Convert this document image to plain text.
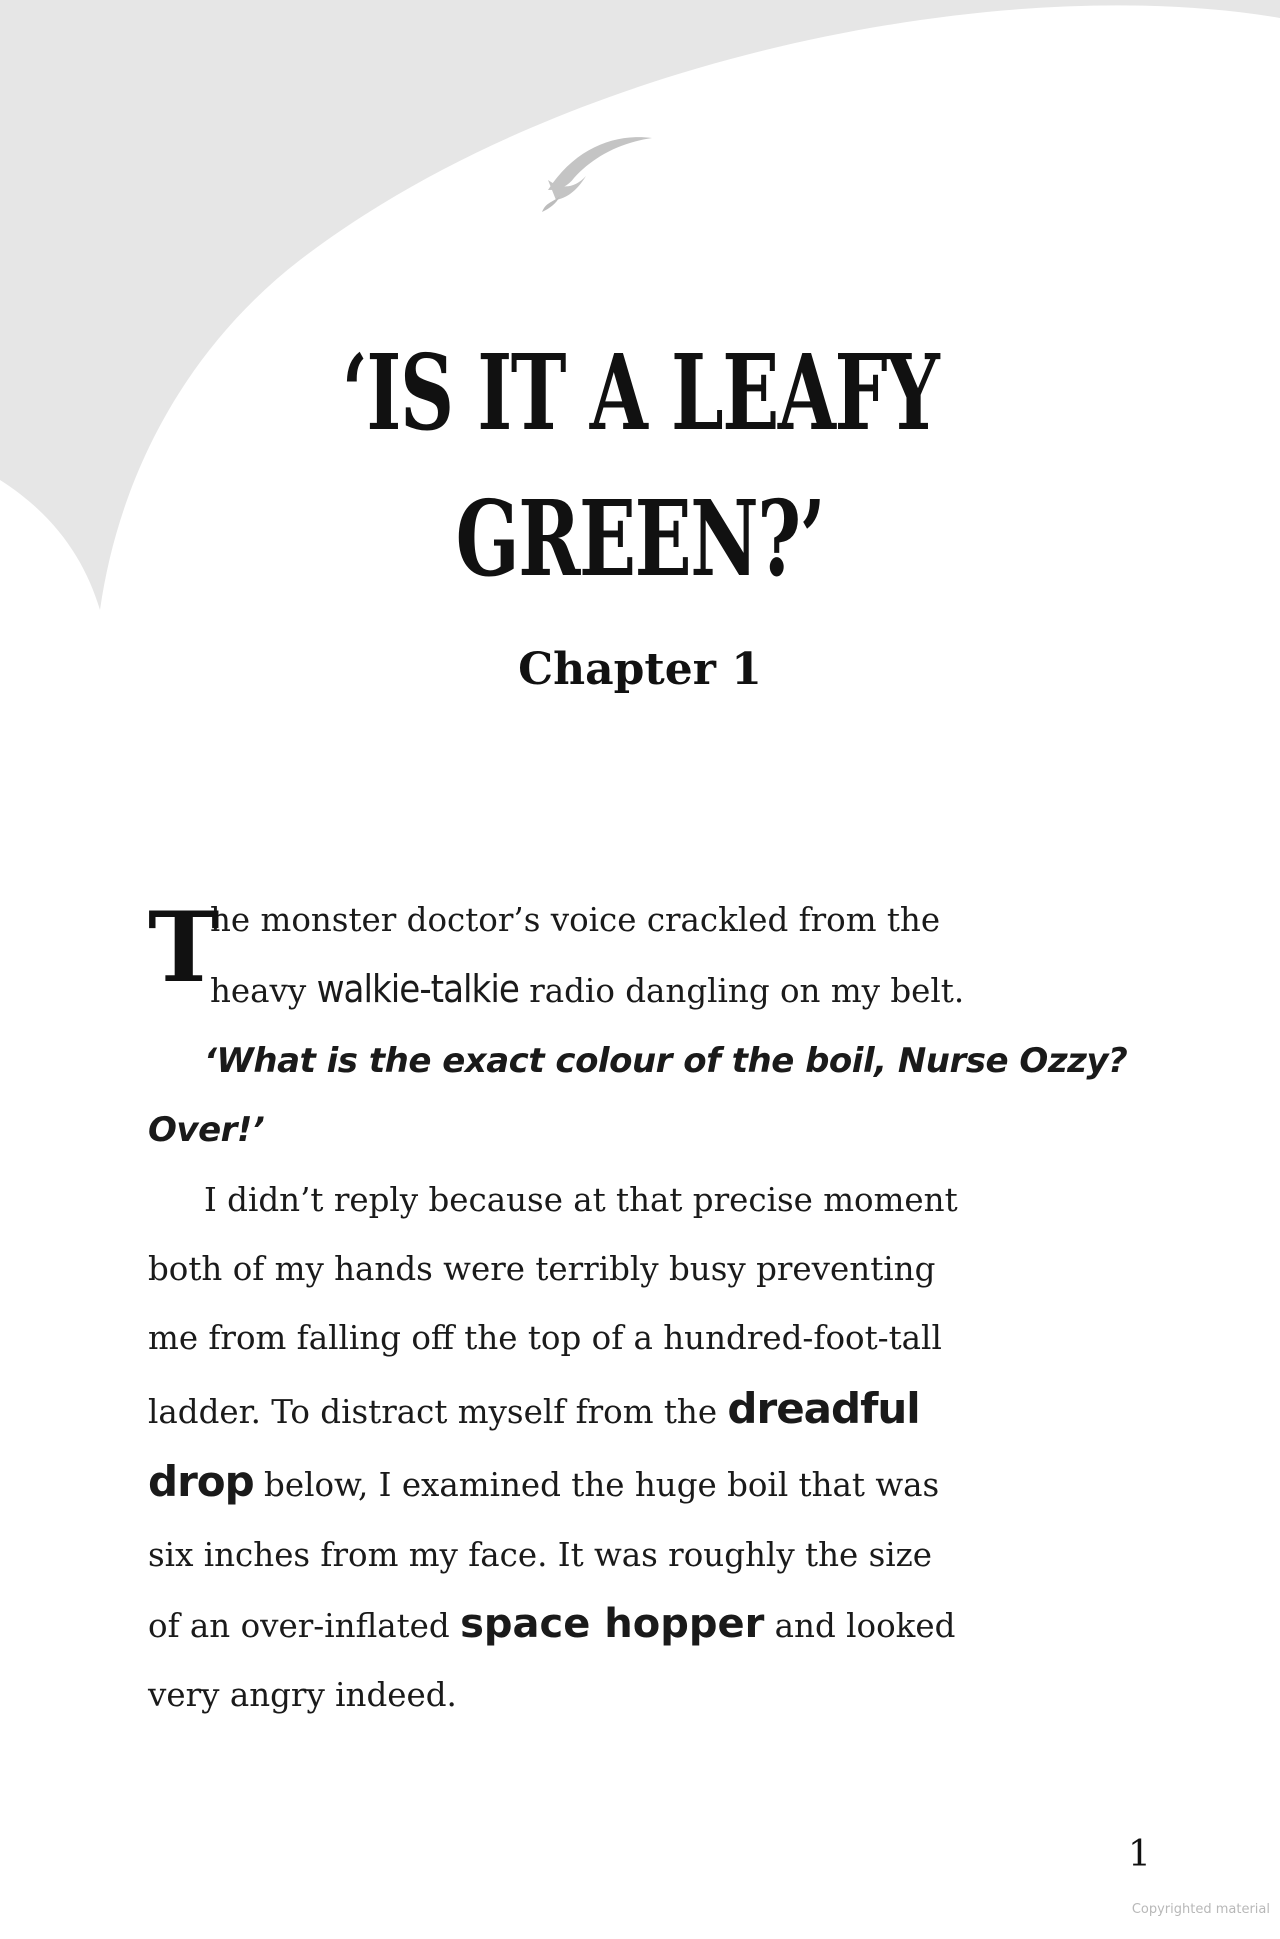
‘IS IT A LEAFY
GREEN?’
Chapter 1
T

he monster doctor’s voice crackled from the

heavy walkie-talkie radio dangling on my belt.

‘What is the exact colour of the boil, Nurse Ozzy?

Over!’

I didn’t reply because at that precise moment

both of my hands were terribly busy preventing

me from falling off the top of a hundred-foot-tall

ladder. To distract myself from the dreadful

drop below, I examined the huge boil that was

six inches from my face. It was roughly the size

of an over-inflated space hopper and looked

very angry indeed.

1
Copyrighted material
